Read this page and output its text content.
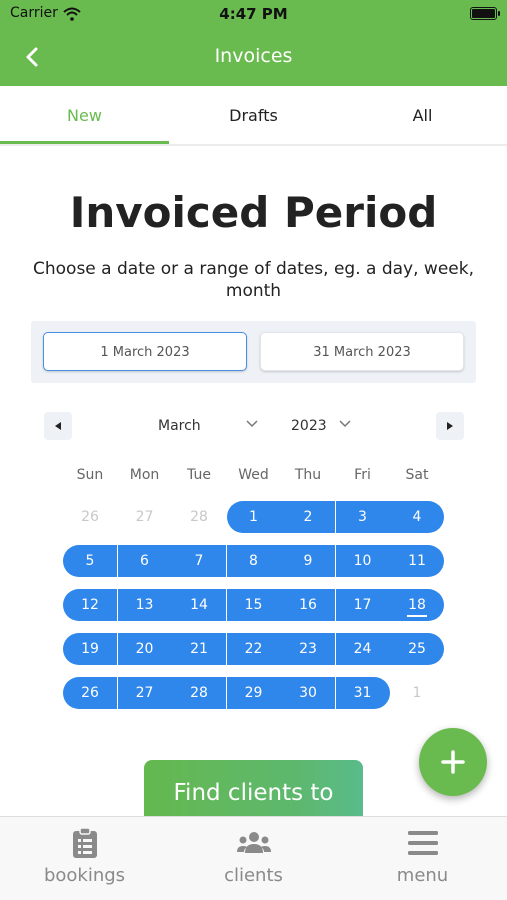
Carrier	4:47 PM
Invoices
New	Drafts	All
Invoiced Period
Choose a date or a range of dates, eg. a day, week, month
1 March 2023	31 March 2023
March	2023
Sun	Mon	Tue	Wed	Thu	Fri	Sat
26	27	28	1	2	3	4
5	6	7	8	9	10	11
12	13	14	15	16	17	18
19	20	21	22	23	24	25
26	27	28	29	30	31	1
Find clients to
bookings	clients	menu
